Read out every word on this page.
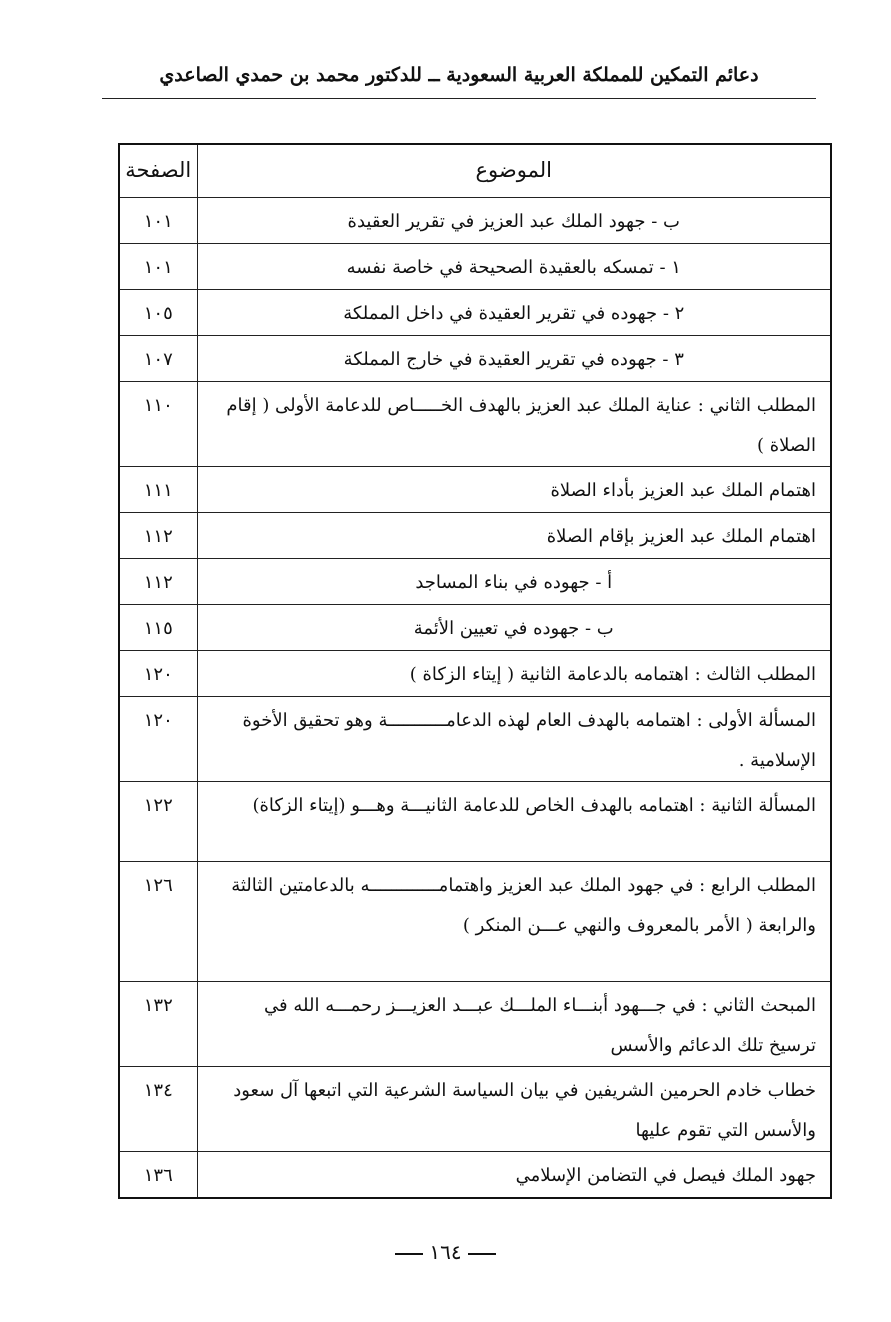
دعائم التمكين للمملكة العربية السعودية ــ للدكتور محمد بن حمدي الصاعدي
الموضوع	الصفحة
ب - جهود الملك عبد العزيز في تقرير العقيدة	١٠١
١ - تمسكه بالعقيدة الصحيحة في خاصة نفسه	١٠١
٢ - جهوده في تقرير العقيدة في داخل المملكة	١٠٥
٣ - جهوده في تقرير العقيدة في خارج المملكة	١٠٧
المطلب الثاني : عناية الملك عبد العزيز بالهدف الخـــــاص للدعامة الأولى ( إقام الصلاة )	١١٠
اهتمام الملك عبد العزيز بأداء الصلاة	١١١
اهتمام الملك عبد العزيز بإقام الصلاة	١١٢
أ - جهوده في بناء المساجد	١١٢
ب - جهوده في تعيين الأئمة	١١٥
المطلب الثالث : اهتمامه بالدعامة الثانية ( إيتاء الزكاة )	١٢٠
المسألة الأولى : اهتمامه بالهدف العام لهذه الدعامـــــــــــة وهو تحقيق الأخوة الإسلامية .	١٢٠
المسألة الثانية : اهتمامه بالهدف الخاص للدعامة الثانيـــة وهـــو (إيتاء الزكاة)	١٢٢
المطلب الرابع : في جهود الملك عبد العزيز واهتمامـــــــــــــه بالدعامتين الثالثة والرابعة ( الأمر بالمعروف والنهي عـــن المنكر )	١٢٦
المبحث الثاني : في جـــهود أبنـــاء الملـــك عبـــد العزيـــز رحمـــه الله في ترسيخ تلك الدعائم والأسس	١٣٢
خطاب خادم الحرمين الشريفين في بيان السياسة الشرعية التي اتبعها آل سعود والأسس التي تقوم عليها	١٣٤
جهود الملك فيصل في التضامن الإسلامي	١٣٦
١٦٤
